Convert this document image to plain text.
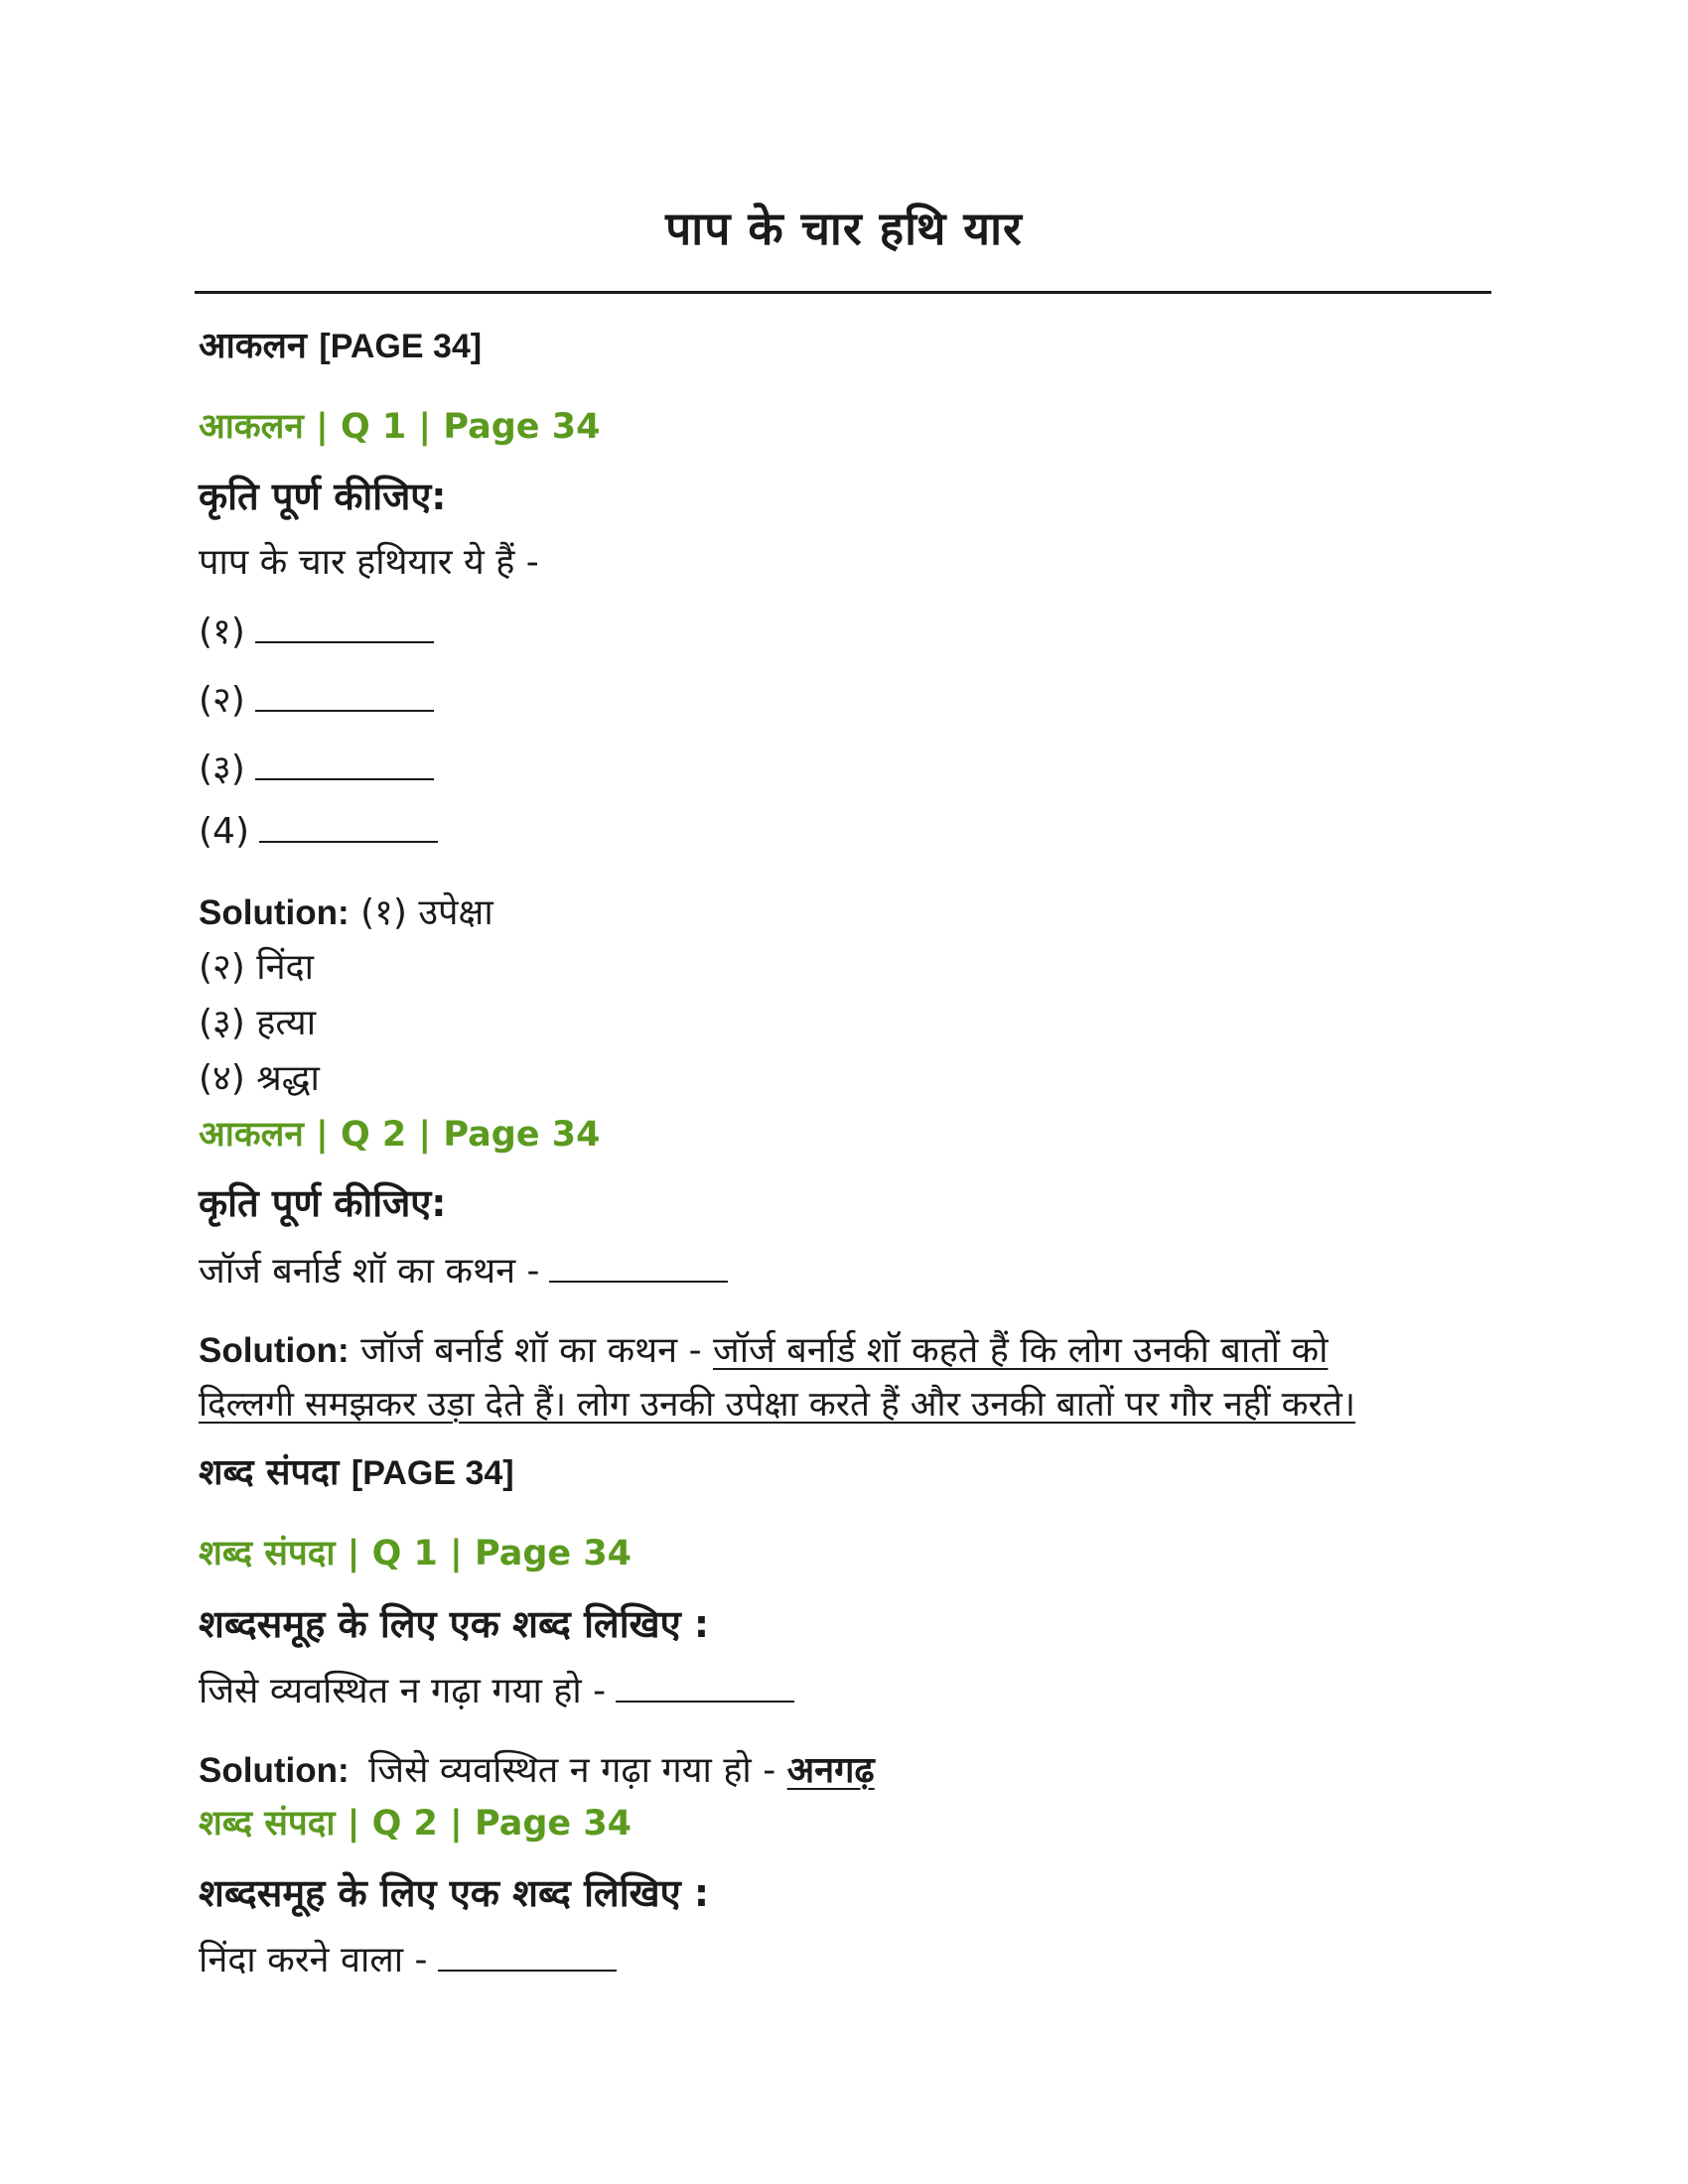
पाप के चार हथि यार
आकलन [PAGE 34]
आकलन | Q 1 | Page 34
कृति पूर्ण कीजिए:
पाप के चार हथियार ये हैं -
(१)
(२)
(३)
(4)
Solution: (१) उपेक्षा
(२) निंदा
(३) हत्या
(४) श्रद्धा
आकलन | Q 2 | Page 34
कृति पूर्ण कीजिए:
जॉर्ज बर्नार्ड शॉ का कथन -
Solution: जॉर्ज बर्नार्ड शॉ का कथन - जॉर्ज बर्नार्ड शॉ कहते हैं कि लोग उनकी बातों को
दिल्लगी समझकर उड़ा देते हैं। लोग उनकी उपेक्षा करते हैं और उनकी बातों पर गौर नहीं करते।
शब्द संपदा [PAGE 34]
शब्द संपदा | Q 1 | Page 34
शब्दसमूह के लिए एक शब्द लिखिए :
जिसे व्यवस्थित न गढ़ा गया हो -
Solution: जिसे व्यवस्थित न गढ़ा गया हो - अनगढ़
शब्द संपदा | Q 2 | Page 34
शब्दसमूह के लिए एक शब्द लिखिए :
निंदा करने वाला -
